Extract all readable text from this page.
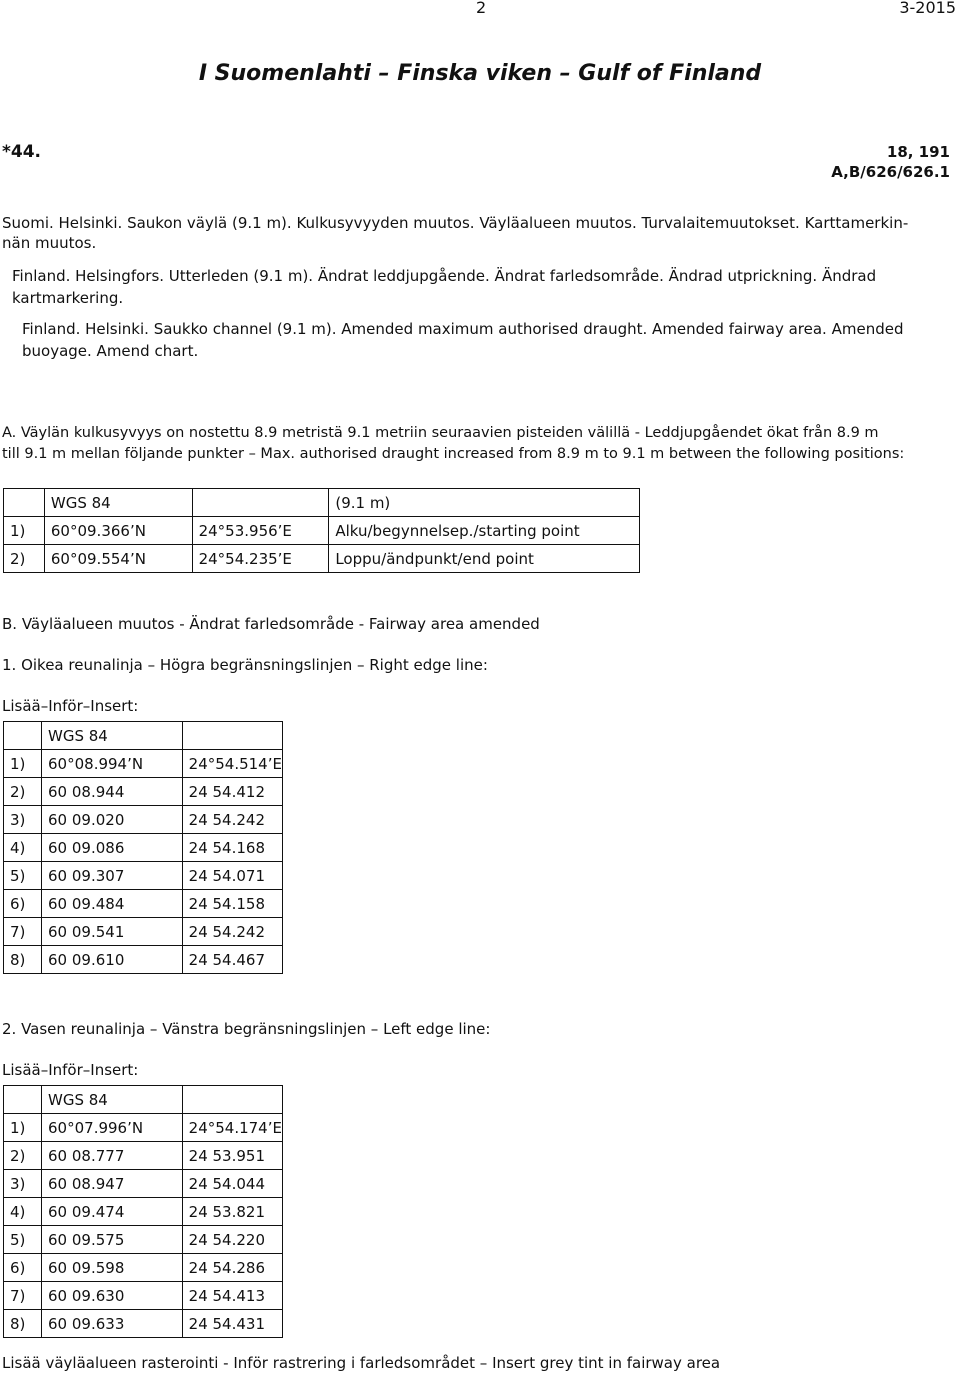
2	3-2015
I Suomenlahti – Finska viken – Gulf of Finland
*44.	18, 191
A,B/626/626.1
Suomi. Helsinki. Saukon väylä (9.1 m). Kulkusyvyyden muutos. Väyläalueen muutos. Turvalaitemuutokset. Karttamerkin-
nän muutos.
Finland. Helsingfors. Utterleden (9.1 m). Ändrat leddjupgående. Ändrat farledsområde. Ändrad utprickning. Ändrad
kartmarkering.
Finland. Helsinki. Saukko channel (9.1 m). Amended maximum authorised draught. Amended fairway area. Amended
buoyage. Amend chart.
A. Väylän kulkusyvyys on nostettu 8.9 metristä 9.1 metriin seuraavien pisteiden välillä - Leddjupgåendet ökat från 8.9 m
till 9.1 m mellan följande punkter – Max. authorised draught increased from 8.9 m to 9.1 m between the following positions:
	WGS 84		(9.1 m)
1)	60°09.366’N	24°53.956’E	Alku/begynnelsep./starting point
2)	60°09.554’N	24°54.235’E	Loppu/ändpunkt/end point
B. Väyläalueen muutos - Ändrat farledsområde - Fairway area amended
1. Oikea reunalinja – Högra begränsningslinjen – Right edge line:
Lisää–Inför–Insert:
	WGS 84	
1)	60°08.994’N	24°54.514’E
2)	60 08.944	24 54.412
3)	60 09.020	24 54.242
4)	60 09.086	24 54.168
5)	60 09.307	24 54.071
6)	60 09.484	24 54.158
7)	60 09.541	24 54.242
8)	60 09.610	24 54.467
2. Vasen reunalinja – Vänstra begränsningslinjen – Left edge line:
Lisää–Inför–Insert:
	WGS 84	
1)	60°07.996’N	24°54.174’E
2)	60 08.777	24 53.951
3)	60 08.947	24 54.044
4)	60 09.474	24 53.821
5)	60 09.575	24 54.220
6)	60 09.598	24 54.286
7)	60 09.630	24 54.413
8)	60 09.633	24 54.431
Lisää väyläalueen rasterointi - Inför rastrering i farledsområdet – Insert grey tint in fairway area
